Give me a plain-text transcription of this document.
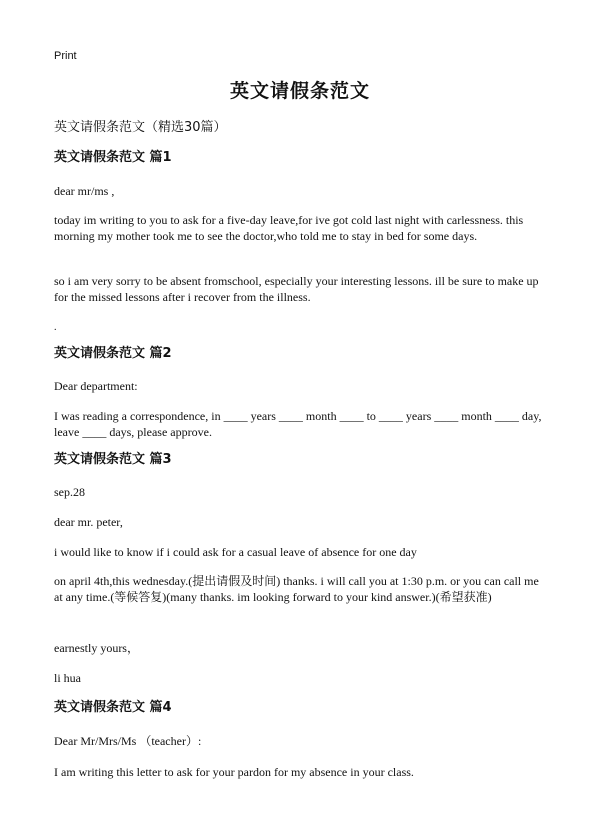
Print
英文请假条范文
英文请假条范文（精选30篇）
英文请假条范文 篇1

dear mr/ms ,

today im writing to you to ask for a five-day leave,for ive got cold last night with carlessness. this morning my mother took me to see the doctor,who told me to stay in bed for some days.

so i am very sorry to be absent fromschool, especially your interesting lessons. ill be sure to make up for the missed lessons after i recover from the illness.

.

英文请假条范文 篇2

Dear department:

I was reading a correspondence, in ____ years ____ month ____ to ____ years ____ month ____ day, leave ____ days, please approve.

英文请假条范文 篇3

sep.28

dear mr. peter,

i would like to know if i could ask for a casual leave of absence for one day

on april 4th,this wednesday.(提出请假及时间) thanks. i will call you at 1:30 p.m. or you can call me at any time.(等候答复)(many thanks. im looking forward to your kind answer.)(希望获准)

earnestly yours，

li hua

英文请假条范文 篇4

Dear Mr/Mrs/Ms （teacher）:

I am writing this letter to ask for your pardon for my absence in your class.
